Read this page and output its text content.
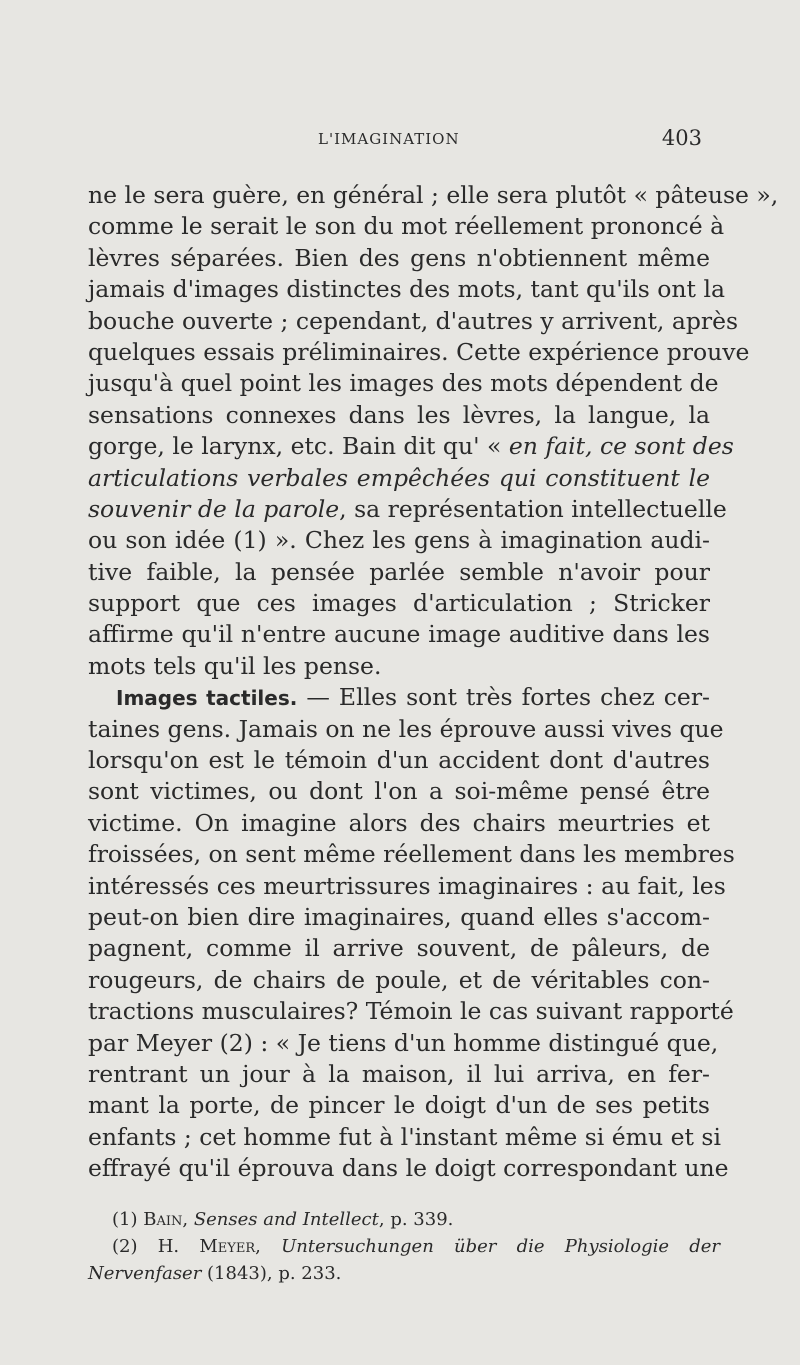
L'IMAGINATION	403
ne le sera guère, en général ; elle sera plutôt « pâteuse »,
comme le serait le son du mot réellement prononcé à
lèvres séparées. Bien des gens n'obtiennent même
jamais d'images distinctes des mots, tant qu'ils ont la
bouche ouverte ; cependant, d'autres y arrivent, après
quelques essais préliminaires. Cette expérience prouve
jusqu'à quel point les images des mots dépendent de
sensations connexes dans les lèvres, la langue, la
gorge, le larynx, etc. Bain dit qu' « en fait, ce sont des
articulations verbales empêchées qui constituent le
souvenir de la parole, sa représentation intellectuelle
ou son idée (1) ». Chez les gens à imagination audi-
tive faible, la pensée parlée semble n'avoir pour
support que ces images d'articulation ; Stricker
affirme qu'il n'entre aucune image auditive dans les
mots tels qu'il les pense.
Images tactiles. — Elles sont très fortes chez cer-
taines gens. Jamais on ne les éprouve aussi vives que
lorsqu'on est le témoin d'un accident dont d'autres
sont victimes, ou dont l'on a soi-même pensé être
victime. On imagine alors des chairs meurtries et
froissées, on sent même réellement dans les membres
intéressés ces meurtrissures imaginaires : au fait, les
peut-on bien dire imaginaires, quand elles s'accom-
pagnent, comme il arrive souvent, de pâleurs, de
rougeurs, de chairs de poule, et de véritables con-
tractions musculaires? Témoin le cas suivant rapporté
par Meyer (2) : « Je tiens d'un homme distingué que,
rentrant un jour à la maison, il lui arriva, en fer-
mant la porte, de pincer le doigt d'un de ses petits
enfants ; cet homme fut à l'instant même si ému et si
effrayé qu'il éprouva dans le doigt correspondant une
(1) Bain, Senses and Intellect, p. 339.
(2) H. Meyer, Untersuchungen über die Physiologie der
Nervenfaser (1843), p. 233.
